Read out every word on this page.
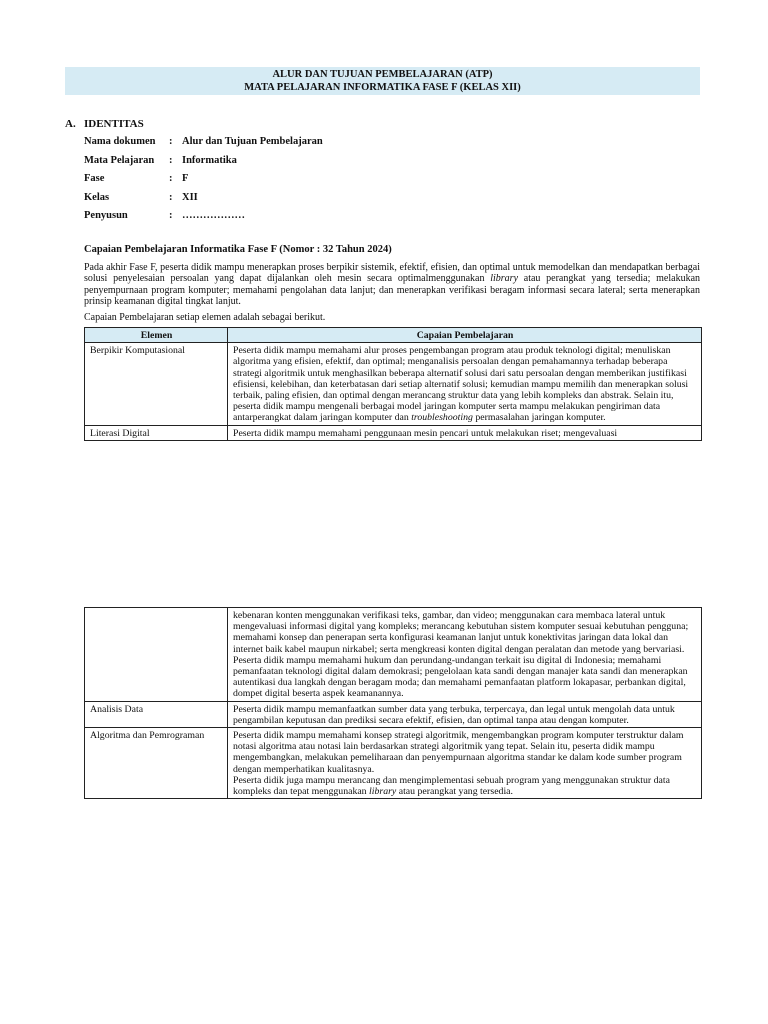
ALUR DAN TUJUAN PEMBELAJARAN (ATP)
MATA PELAJARAN INFORMATIKA FASE F (KELAS XII)
A. IDENTITAS
Nama dokumen	: Alur dan Tujuan Pembelajaran
Mata Pelajaran	: Informatika
Fase	: F
Kelas	: XII
Penyusun	: ………………
Capaian Pembelajaran Informatika Fase F (Nomor : 32 Tahun 2024)
Pada akhir Fase F, peserta didik mampu menerapkan proses berpikir sistemik, efektif, efisien, dan optimal untuk memodelkan dan mendapatkan berbagai solusi penyelesaian persoalan yang dapat dijalankan oleh mesin secara optimalmenggunakan library atau perangkat yang tersedia; melakukan penyempurnaan program komputer; memahami pengolahan data lanjut; dan menerapkan verifikasi beragam informasi secara lateral; serta menerapkan prinsip keamanan digital tingkat lanjut.
Capaian Pembelajaran setiap elemen adalah sebagai berikut.
Elemen	Capaian Pembelajaran
Berpikir Komputasional	Peserta didik mampu memahami alur proses pengembangan program atau produk teknologi digital; menuliskan algoritma yang efisien, efektif, dan optimal; menganalisis persoalan dengan pemahamannya terhadap beberapa strategi algoritmik untuk menghasilkan beberapa alternatif solusi dari satu persoalan dengan memberikan justifikasi efisiensi, kelebihan, dan keterbatasan dari setiap alternatif solusi; kemudian mampu memilih dan menerapkan solusi terbaik, paling efisien, dan optimal dengan merancang struktur data yang lebih kompleks dan abstrak. Selain itu, peserta didik mampu mengenali berbagai model jaringan komputer serta mampu melakukan pengiriman data antarperangkat dalam jaringan komputer dan troubleshooting permasalahan jaringan komputer.
Literasi Digital	Peserta didik mampu memahami penggunaan mesin pencari untuk melakukan riset; mengevaluasi

	kebenaran konten menggunakan verifikasi teks, gambar, dan video; menggunakan cara membaca lateral untuk mengevaluasi informasi digital yang kompleks; merancang kebutuhan sistem komputer sesuai kebutuhan pengguna; memahami konsep dan penerapan serta konfigurasi keamanan lanjut untuk konektivitas jaringan data lokal dan internet baik kabel maupun nirkabel; serta mengkreasi konten digital dengan peralatan dan metode yang bervariasi.

Peserta didik mampu memahami hukum dan perundang-undangan terkait isu digital di Indonesia; memahami pemanfaatan teknologi digital dalam demokrasi; pengelolaan kata sandi dengan manajer kata sandi dan menerapkan autentikasi dua langkah dengan beragam moda; dan memahami pemanfaatan platform lokapasar, perbankan digital, dompet digital beserta aspek keamanannya.

Analisis Data	Peserta didik mampu memanfaatkan sumber data yang terbuka, terpercaya, dan legal untuk mengolah data untuk pengambilan keputusan dan prediksi secara efektif, efisien, dan optimal tanpa atau dengan komputer.
Algoritma dan Pemrograman	Peserta didik mampu memahami konsep strategi algoritmik, mengembangkan program komputer terstruktur dalam notasi algoritma atau notasi lain berdasarkan strategi algoritmik yang tepat. Selain itu, peserta didik mampu mengembangkan, melakukan pemeliharaan dan penyempurnaan algoritma standar ke dalam kode sumber program dengan memperhatikan kualitasnya.

Peserta didik juga mampu merancang dan mengimplementasi sebuah program yang menggunakan struktur data kompleks dan tepat menggunakan library atau perangkat yang tersedia.
